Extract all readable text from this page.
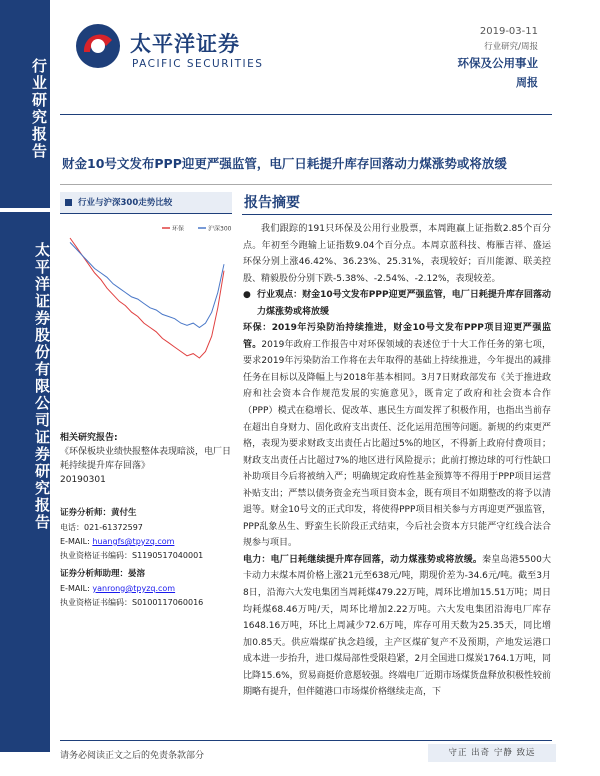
行业研究报告
太平洋证券股份有限公司证券研究报告
太平洋证券
PACIFIC SECURITIES
2019-03-11
行业研究/周报
环保及公用事业
周报
财金10号文发布PPP迎更严强监管，电厂日耗提升库存回落动力煤涨势或将放缓
行业与沪深300走势比较
环保	沪深300
相关研究报告:
《环保板块业绩快报整体表现暗淡，电厂日耗持续提升库存回落》
20190301
证券分析师：黄付生
电话：021-61372597
E-MAIL: huangfs@tpyzq.com
执业资格证书编码：S1190517040001
证券分析师助理：晏溶
E-MAIL: yanrong@tpyzq.com
执业资格证书编码：S0100117060016
报告摘要

我们跟踪的191只环保及公用行业股票，本周跑赢上证指数2.85个百分点。年初至今跑输上证指数9.04个百分点。本周京蓝科技、梅雁吉祥、盛运环保分别上涨46.42%、36.23%、25.31%，表现较好；百川能源、联美控股、精毅股份分别下跌-5.38%、-2.54%、-2.12%，表现较差。

● 行业观点：财金10号文发布PPP迎更严强监管，电厂日耗提升库存回落动力煤涨势或将放缓

环保：2019年污染防治持续推进，财金10号文发布PPP项目迎更严强监管。2019年政府工作报告中对环保领域的表述位于十大工作任务的第七项，要求2019年污染防治工作将在去年取得的基础上持续推进，今年提出的减排任务在目标以及降幅上与2018年基本相同。3月7日财政部发布《关于推进政府和社会资本合作规范发展的实施意见》，既肯定了政府和社会资本合作（PPP）模式在稳增长、促改革、惠民生方面发挥了积极作用，也指出当前存在超出自身财力、固化政府支出责任、泛化运用范围等问题。新规的约束更严格，表现为要求财政支出责任占比超过5%的地区，不得新上政府付费项目；财政支出责任占比超过7%的地区进行风险提示；此前打擦边球的可行性缺口补助项目今后将被纳入严；明确规定政府性基金预算等不得用于PPP项目运营补贴支出；严禁以债务资金充当项目资本金，既有项目不如期整改的将予以清退等。财金10号文的正式印发，将使得PPP项目相关参与方再迎更严强监管，PPP乱象丛生、野蛮生长阶段正式结束，今后社会资本方只能严守红线合法合规参与项目。

电力：电厂日耗继续提升库存回落，动力煤涨势或将放缓。秦皇岛港5500大卡动力末煤本周价格上涨21元至638元/吨，期现价差为-34.6元/吨。截至3月8日，沿海六大发电集团当周耗煤479.22万吨，周环比增加15.51万吨；周日均耗煤68.46万吨/天，周环比增加2.22万吨。六大发电集团沿海电厂库存1648.16万吨，环比上周减少72.6万吨，库存可用天数为25.35天，同比增加0.85天。供应端煤矿执念趋缓，主产区煤矿复产不及预期，产地发运港口成本进一步抬升，进口煤局部性受限趋紧，2月全国进口煤炭1764.1万吨，同比降15.6%，贸易商挺价意愿较强。终端电厂近期市场煤货盘释放积极性较前期略有提升，但伴随港口市场煤价格继续走高，下

请务必阅读正文之后的免责条款部分	守正 出奇 宁静 致远
